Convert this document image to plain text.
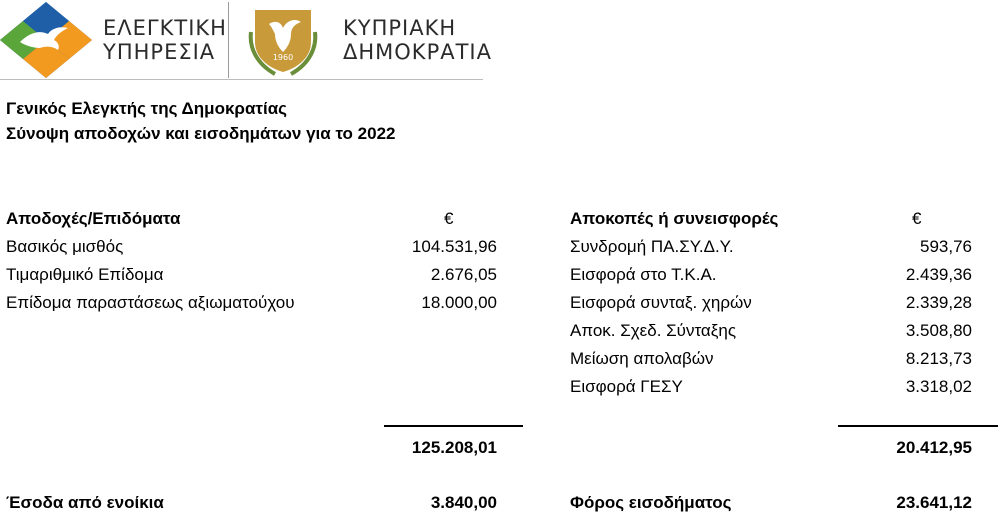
ΕΛΕΓΚΤΙΚΗ
ΥΠΗΡΕΣΙΑ	1960
ΚΥΠΡΙΑΚΗ
ΔΗΜΟΚΡΑΤΙΑ
Γενικός Ελεγκτής της Δημοκρατίας
Σύνοψη αποδοχών και εισοδημάτων για το 2022
Αποδοχές/Επιδόματα	€
Βασικός μισθός	104.531,96
Τιμαριθμικό Επίδομα	2.676,05
Επίδομα παραστάσεως αξιωματούχου	18.000,00
125.208,01
Έσοδα από ενοίκια	3.840,00
Αποκοπές ή συνεισφορές	€
Συνδρομή ΠΑ.ΣΥ.Δ.Υ.	593,76
Εισφορά στο Τ.Κ.Α.	2.439,36
Εισφορά συνταξ. χηρών	2.339,28
Αποκ. Σχεδ. Σύνταξης	3.508,80
Μείωση απολαβών	8.213,73
Εισφορά ΓΕΣΥ	3.318,02
20.412,95
Φόρος εισοδήματος	23.641,12
